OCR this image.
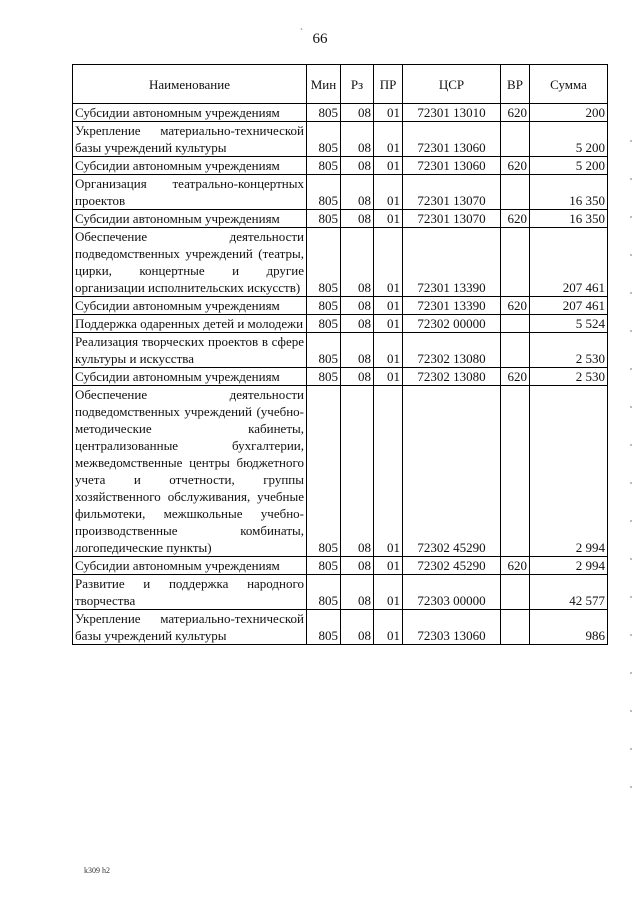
66
ˋ
Наименование	Мин	Рз	ПР	ЦСР	ВР	Сумма
Субсидии автономным учреждениям	805	08	01	72301 13010	620	200
Укрепление материально-технической базы учреждений культуры	805	08	01	72301 13060		5 200
Субсидии автономным учреждениям	805	08	01	72301 13060	620	5 200
Организация театрально-концертных проектов	805	08	01	72301 13070		16 350
Субсидии автономным учреждениям	805	08	01	72301 13070	620	16 350
Обеспечение деятельности подведомственных учреждений (театры, цирки, концертные и другие организации исполнительских искусств)	805	08	01	72301 13390		207 461
Субсидии автономным учреждениям	805	08	01	72301 13390	620	207 461
Поддержка одаренных детей и молодежи	805	08	01	72302 00000		5 524
Реализация творческих проектов в сфере культуры и искусства	805	08	01	72302 13080		2 530
Субсидии автономным учреждениям	805	08	01	72302 13080	620	2 530
Обеспечение деятельности подведомственных учреждений (учебно-методические кабинеты, централизованные бухгалтерии, межведомственные центры бюджетного учета и отчетности, группы хозяйственного обслуживания, учебные фильмотеки, межшкольные учебно-производственные комбинаты, логопедические пункты)	805	08	01	72302 45290		2 994
Субсидии автономным учреждениям	805	08	01	72302 45290	620	2 994
Развитие и поддержка народного творчества	805	08	01	72303 00000		42 577
Укрепление материально-технической базы учреждений культуры	805	08	01	72303 13060		986
k309 h2
